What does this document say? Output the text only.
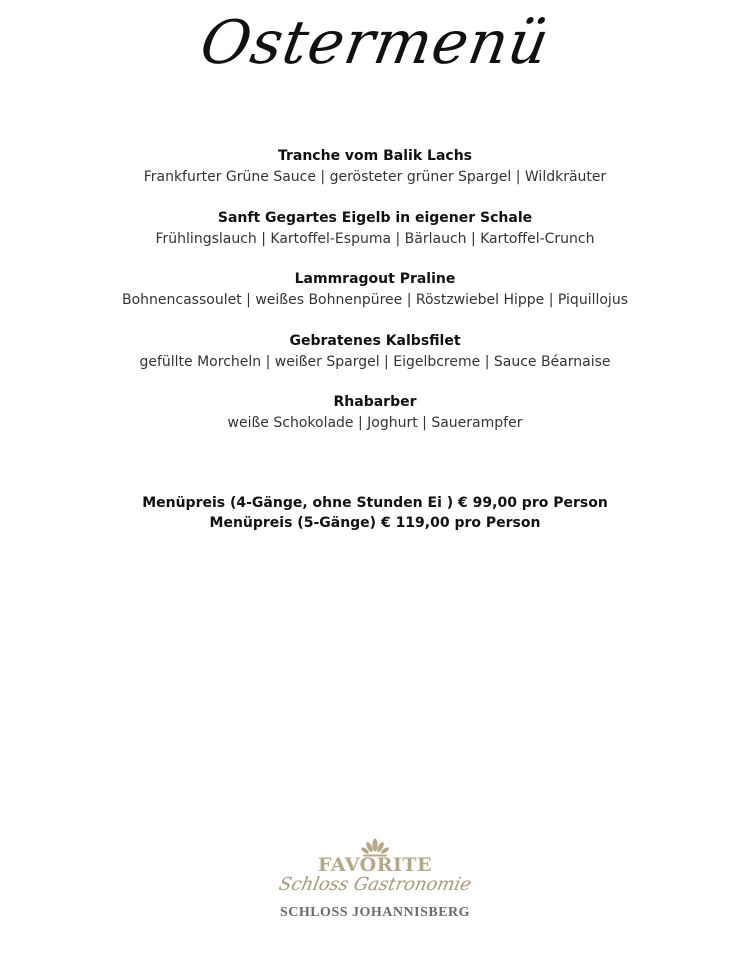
Ostermenü
Tranche vom Balik Lachs
Frankfurter Grüne Sauce | gerösteter grüner Spargel | Wildkräuter
Sanft Gegartes Eigelb in eigener Schale
Frühlingslauch | Kartoffel-Espuma | Bärlauch | Kartoffel-Crunch
Lammragout Praline
Bohnencassoulet | weißes Bohnenpüree | Röstzwiebel Hippe | Piquillojus
Gebratenes Kalbsfilet
gefüllte Morcheln | weißer Spargel | Eigelbcreme | Sauce Béarnaise
Rhabarber
weiße Schokolade | Joghurt | Sauerampfer
Menüpreis (4-Gänge, ohne Stunden Ei ) € 99,00 pro Person
Menüpreis (5-Gänge) € 119,00 pro Person
FAVORITE
Schloss Gastronomie
SCHLOSS JOHANNISBERG
